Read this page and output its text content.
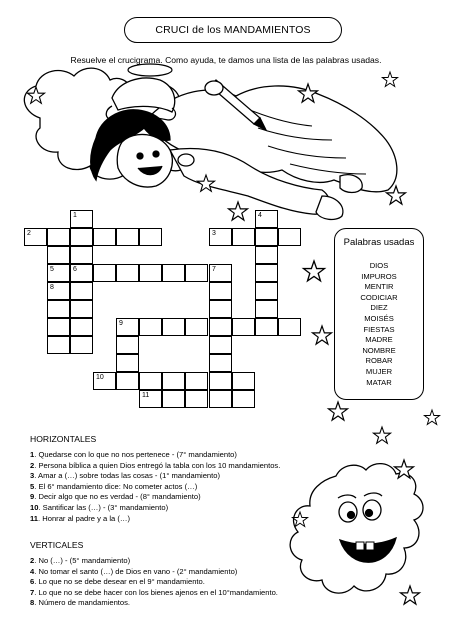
CRUCI de los MANDAMIENTOS
Resuelve el crucigrama. Como ayuda, te damos una lista de las palabras usadas.
2
1
3
4
5	6	7
8
9
10
11
Palabras usadas
DIOS
IMPUROS
MENTIR
CODICIAR
DIEZ
MOISÉS
FIESTAS
MADRE
NOMBRE
ROBAR
MUJER
MATAR
HORIZONTALES
1. Quedarse con lo que no nos pertenece - (7° mandamiento)
2. Persona bíblica a quien Dios entregó la tabla con los 10 mandamientos.
3. Amar a (…) sobre todas las cosas - (1° mandamiento)
5. El 6° mandamiento dice: No cometer actos (…)
9. Decir algo que no es verdad - (8° mandamiento)
10. Santificar las (…) - (3° mandamiento)
11. Honrar al padre y a la (…)
VERTICALES
2. No (…) - (5° mandamiento)
4. No tomar el santo (…) de Dios en vano - (2° mandamiento)
6. Lo que no se debe desear en el 9° mandamiento.
7. Lo que no se debe hacer con los bienes ajenos en el 10°mandamiento.
8. Número de mandamientos.
